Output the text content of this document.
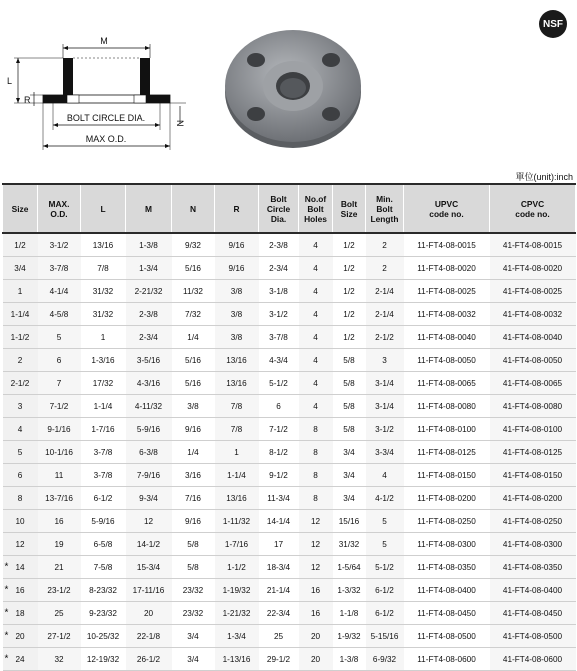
M
L
R
N
BOLT CIRCLE DIA.
MAX O.D.
NSF
單位(unit):inch
Size	MAX.
O.D.	L	M	N	R	Bolt
Circle
Dia.	No.of
Bolt
Holes	Bolt
Size	Min.
Bolt
Length	UPVC
code no.	CPVC
code no.
1/2	3-1/2	13/16	1-3/8	9/32	9/16	2-3/8	4	1/2	2	11-FT4-08-0015	41-FT4-08-0015
3/4	3-7/8	7/8	1-3/4	5/16	9/16	2-3/4	4	1/2	2	11-FT4-08-0020	41-FT4-08-0020
1	4-1/4	31/32	2-21/32	11/32	3/8	3-1/8	4	1/2	2-1/4	11-FT4-08-0025	41-FT4-08-0025
1-1/4	4-5/8	31/32	2-3/8	7/32	3/8	3-1/2	4	1/2	2-1/4	11-FT4-08-0032	41-FT4-08-0032
1-1/2	5	1	2-3/4	1/4	3/8	3-7/8	4	1/2	2-1/2	11-FT4-08-0040	41-FT4-08-0040
2	6	1-3/16	3-5/16	5/16	13/16	4-3/4	4	5/8	3	11-FT4-08-0050	41-FT4-08-0050
2-1/2	7	17/32	4-3/16	5/16	13/16	5-1/2	4	5/8	3-1/4	11-FT4-08-0065	41-FT4-08-0065
3	7-1/2	1-1/4	4-11/32	3/8	7/8	6	4	5/8	3-1/4	11-FT4-08-0080	41-FT4-08-0080
4	9-1/16	1-7/16	5-9/16	9/16	7/8	7-1/2	8	5/8	3-1/2	11-FT4-08-0100	41-FT4-08-0100
5	10-1/16	3-7/8	6-3/8	1/4	1	8-1/2	8	3/4	3-3/4	11-FT4-08-0125	41-FT4-08-0125
6	11	3-7/8	7-9/16	3/16	1-1/4	9-1/2	8	3/4	4	11-FT4-08-0150	41-FT4-08-0150
8	13-7/16	6-1/2	9-3/4	7/16	13/16	11-3/4	8	3/4	4-1/2	11-FT4-08-0200	41-FT4-08-0200
10	16	5-9/16	12	9/16	1-11/32	14-1/4	12	15/16	5	11-FT4-08-0250	41-FT4-08-0250
12	19	6-5/8	14-1/2	5/8	1-7/16	17	12	31/32	5	11-FT4-08-0300	41-FT4-08-0300

* 14	21	7-5/8	15-3/4	5/8	1-1/2	18-3/4	12	1-5/64	5-1/2	11-FT4-08-0350	41-FT4-08-0350

* 16	23-1/2	8-23/32	17-11/16	23/32	1-19/32	21-1/4	16	1-3/32	6-1/2	11-FT4-08-0400	41-FT4-08-0400

* 18	25	9-23/32	20	23/32	1-21/32	22-3/4	16	1-1/8	6-1/2	11-FT4-08-0450	41-FT4-08-0450

* 20	27-1/2	10-25/32	22-1/8	3/4	1-3/4	25	20	1-9/32	5-15/16	11-FT4-08-0500	41-FT4-08-0500

* 24	32	12-19/32	26-1/2	3/4	1-13/16	29-1/2	20	1-3/8	6-9/32	11-FT4-08-0600	41-FT4-08-0600
